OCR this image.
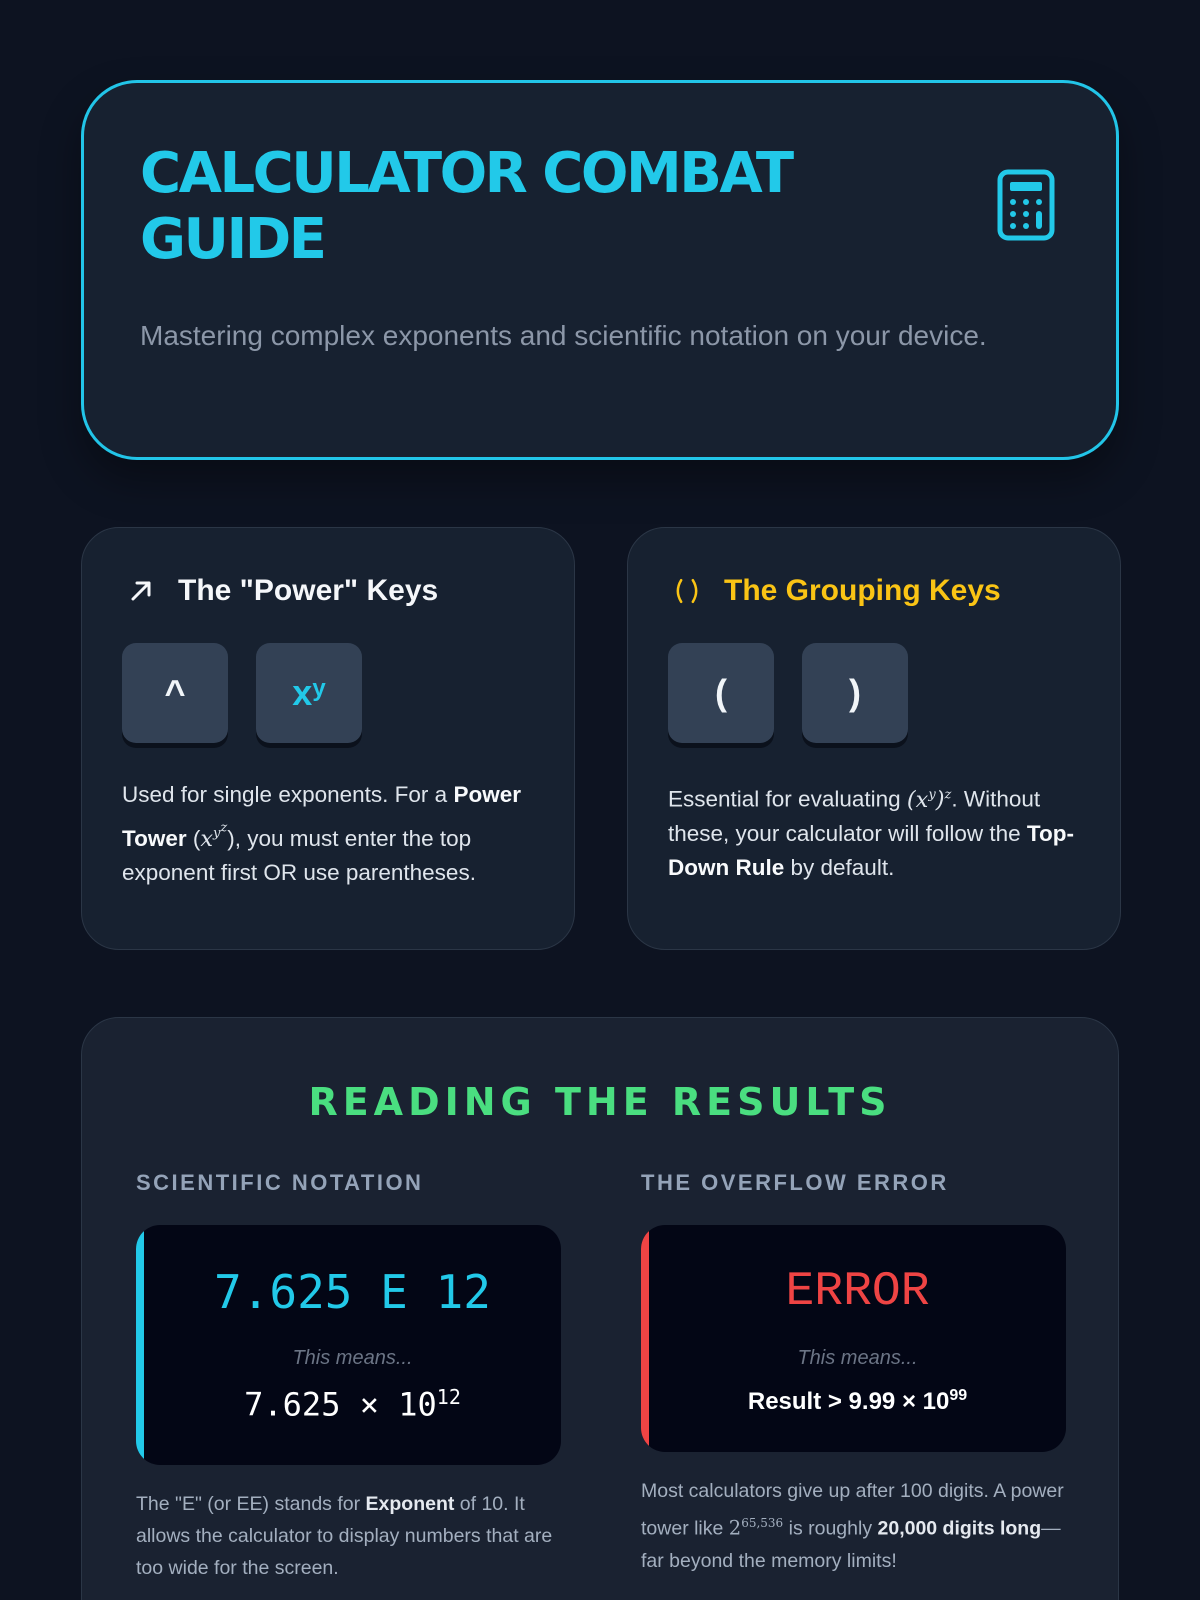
CALCULATOR COMBAT GUIDE

Mastering complex exponents and scientific notation on your device.

The "Power" Keys
^	$x^y$

Used for single exponents. For a Power Tower $(x^{y^z})$, you must enter the top exponent first OR use parentheses.

The Grouping Keys
(	)

Essential for evaluating $(x^y)^z$. Without these, your calculator will follow the Top-Down Rule by default.

READING THE RESULTS
SCIENTIFIC NOTATION
7.625 E 12
This means...
$7.625 \times 10^{12}$

The "E" (or EE) stands for Exponent of 10. It allows the calculator to display numbers that are too wide for the screen.

THE OVERFLOW ERROR
ERROR
This means...
Result > $9.99 \times 10^{99}$

Most calculators give up after 100 digits. A power tower like 2$^{65,536}$ is roughly 20,000 digits long—far beyond the memory limits!
